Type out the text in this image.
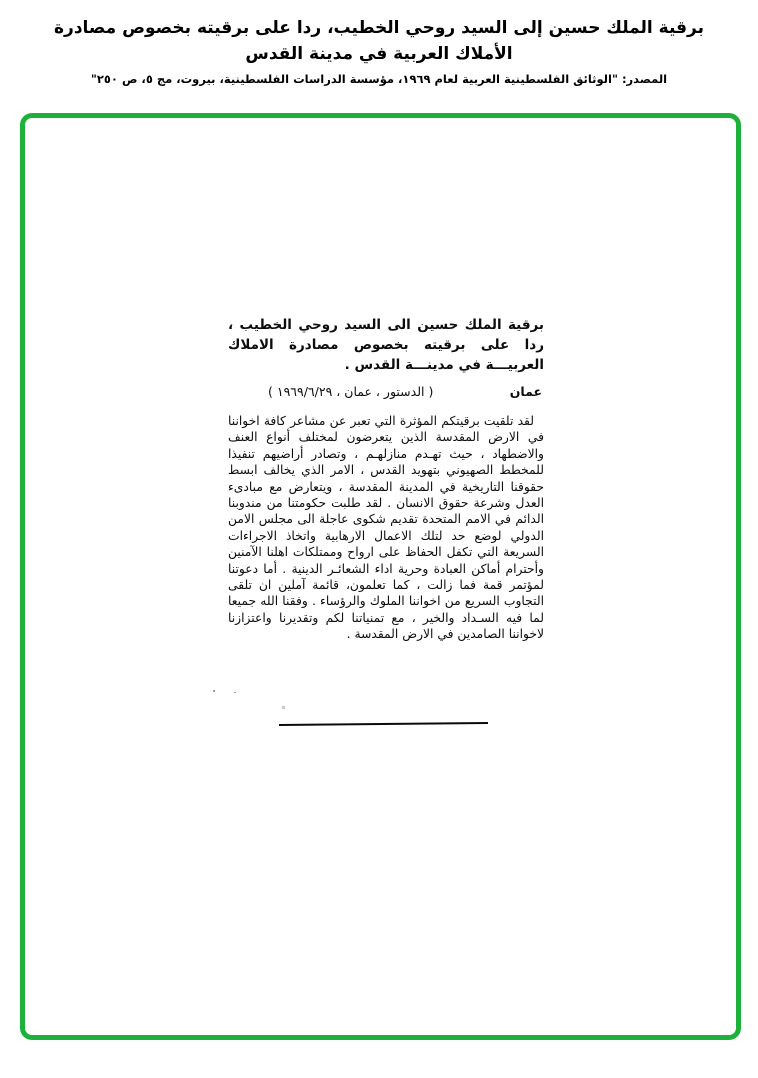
برقية الملك حسين إلى السيد روحي الخطيب، ردا على برقيته بخصوص مصادرة الأملاك العربية في مدينة القدس
المصدر: "الوثائق الفلسطينية العربية لعام ١٩٦٩، مؤسسة الدراسات الفلسطينية، بيروت، مج ٥، ص ٢٥٠"

برقية الملك حسين الى السيد روحي الخطيب ، ردا على برقيته بخصوص مصادرة الاملاك العربيـــة في مدينـــة القدس .

عمان
( الدستور ، عمان ، ١٩٦٩/٦/٢٩ )

لقد تلقيت برقيتكم المؤثرة التي تعبر عن مشاعر كافة اخواننا في الارض المقدسة الذين يتعرضون لمختلف أنواع العنف والاضطهاد ، حيث تهـدم منازلهـم ، وتصادر أراضيهم تنفيذا للمخطط الصهيوني بتهويد القدس ، الامر الذي يخالف ابسط حقوقنا التاريخية في المدينة المقدسة ، ويتعارض مع مبادىء العدل وشرعة حقوق الانسان . لقد طلبت حكومتنا من مندوبنا الدائم في الامم المتحدة تقديم شكوى عاجلة الى مجلس الامن الدولي لوضع حد لتلك الاعمال الارهابية واتخاذ الاجراءات السريعة التي تكفل الحفاظ على ارواح وممتلكات اهلنا الآمنين وأحترام أماكن العبادة وحرية اداء الشعائـر الدينية . أما دعوتنا لمؤتمر قمة فما زالت ، كما تعلمون، قائمة آملين ان تلقى التجاوب السريع من اخواننا الملوك والرؤساء . وفقنا الله جميعا لما فيه السـداد والخير ، مع تمنياتنا لكم وتقديرنا واعتزازنا لاخواننا الصامدين في الارض المقدسة .
